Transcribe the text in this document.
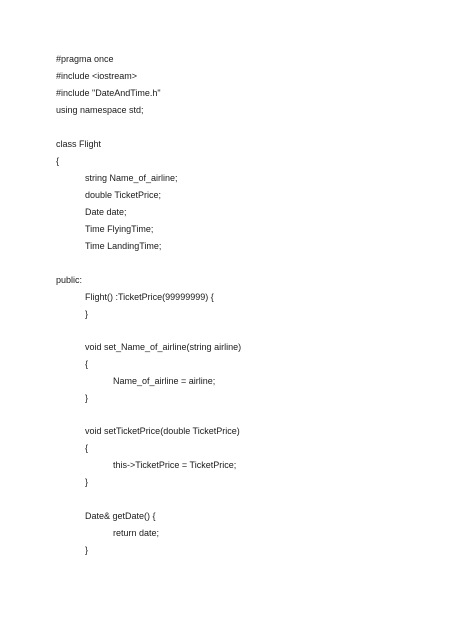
#pragma once
#include <iostream>
#include "DateAndTime.h"
using namespace std;
class Flight
{
string Name_of_airline;
double TicketPrice;
Date date;
Time FlyingTime;
Time LandingTime;
public:
Flight() :TicketPrice(99999999) {
}
void set_Name_of_airline(string airline)
{
Name_of_airline = airline;
}
void setTicketPrice(double TicketPrice)
{
this->TicketPrice = TicketPrice;
}
Date& getDate() {
return date;
}
